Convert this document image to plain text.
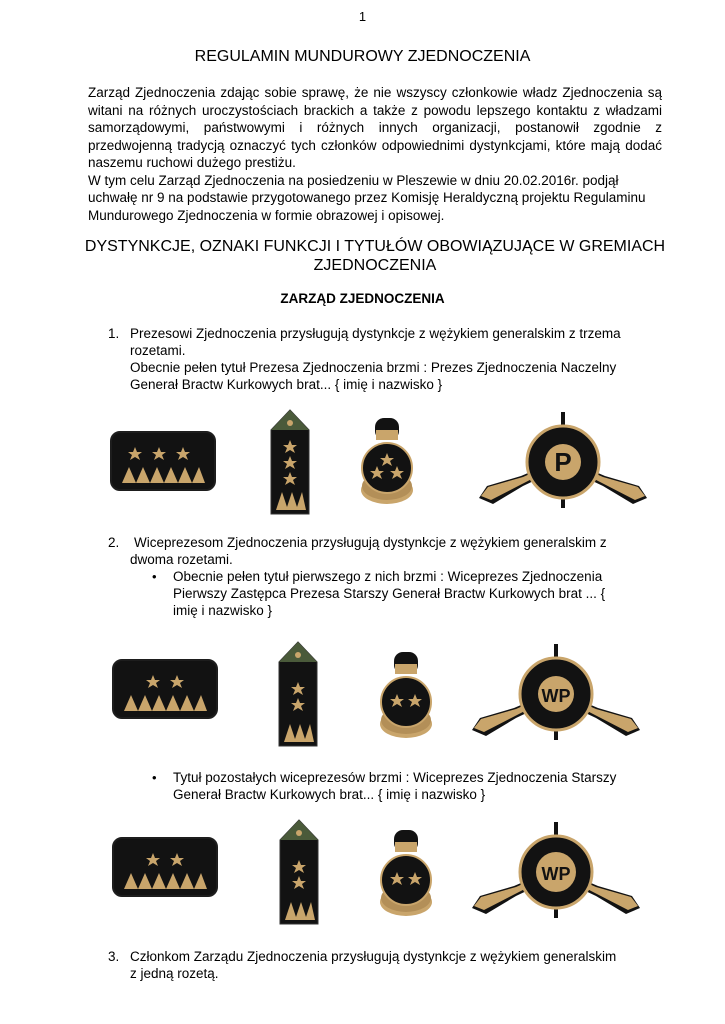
1
REGULAMIN MUNDUROWY ZJEDNOCZENIA

Zarząd Zjednoczenia zdając sobie sprawę, że nie wszyscy członkowie władz Zjednoczenia są witani na różnych uroczystościach brackich a także z powodu lepszego kontaktu z władzami samorządowymi, państwowymi i różnych innych organizacji, postanowił zgodnie z przedwojenną tradycją oznaczyć tych członków odpowiednimi dystynkcjami, które mają dodać naszemu ruchowi dużego prestiżu.

W tym celu Zarząd Zjednoczenia na posiedzeniu w Pleszewie w dniu 20.02.2016r. podjął uchwałę nr 9 na podstawie przygotowanego przez Komisję Heraldyczną projektu Regulaminu Mundurowego Zjednoczenia w formie obrazowej i opisowej.

DYSTYNKCJE, OZNAKI FUNKCJI I TYTUŁÓW OBOWIĄZUJĄCE W GREMIACH ZJEDNOCZENIA
ZARZĄD ZJEDNOCZENIA
1. Prezesowi Zjednoczenia przysługują dystynkcje z wężykiem generalskim z trzema
rozetami.
Obecnie pełen tytuł Prezesa Zjednoczenia brzmi : Prezes Zjednoczenia Naczelny
Generał Bractw Kurkowych brat... { imię i nazwisko }
P
2. Wiceprezesom Zjednoczenia przysługują dystynkcje z wężykiem generalskim z
dwoma rozetami.
• Obecnie pełen tytuł pierwszego z nich brzmi : Wiceprezes Zjednoczenia
Pierwszy Zastępca Prezesa Starszy Generał Bractw Kurkowych brat ... {
imię i nazwisko }
WP
• Tytuł pozostałych wiceprezesów brzmi : Wiceprezes Zjednoczenia Starszy
Generał Bractw Kurkowych brat... { imię i nazwisko }
WP
3. Członkom Zarządu Zjednoczenia przysługują dystynkcje z wężykiem generalskim
z jedną rozetą.
